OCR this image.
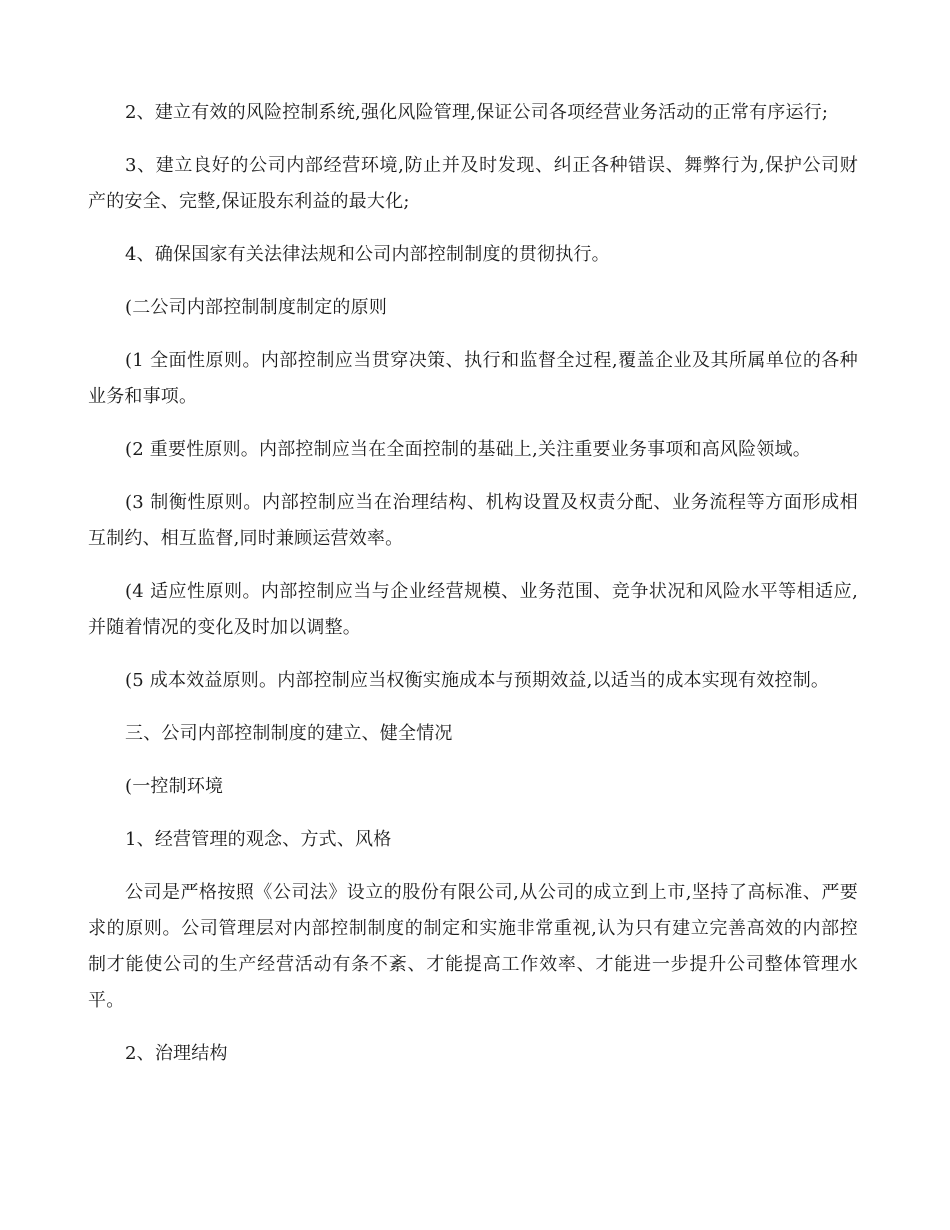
2、建立有效的风险控制系统,强化风险管理,保证公司各项经营业务活动的正常有序运行;

3、建立良好的公司内部经营环境,防止并及时发现、纠正各种错误、舞弊行为,保护公司财产的安全、完整,保证股东利益的最大化;

4、确保国家有关法律法规和公司内部控制制度的贯彻执行。

(二公司内部控制制度制定的原则

(1 全面性原则。内部控制应当贯穿决策、执行和监督全过程,覆盖企业及其所属单位的各种业务和事项。

(2 重要性原则。内部控制应当在全面控制的基础上,关注重要业务事项和高风险领域。

(3 制衡性原则。内部控制应当在治理结构、机构设置及权责分配、业务流程等方面形成相互制约、相互监督,同时兼顾运营效率。

(4 适应性原则。内部控制应当与企业经营规模、业务范围、竞争状况和风险水平等相适应,并随着情况的变化及时加以调整。

(5 成本效益原则。内部控制应当权衡实施成本与预期效益,以适当的成本实现有效控制。

三、公司内部控制制度的建立、健全情况

(一控制环境

1、经营管理的观念、方式、风格

公司是严格按照《公司法》设立的股份有限公司,从公司的成立到上市,坚持了高标准、严要求的原则。公司管理层对内部控制制度的制定和实施非常重视,认为只有建立完善高效的内部控制才能使公司的生产经营活动有条不紊、才能提高工作效率、才能进一步提升公司整体管理水平。

2、治理结构
